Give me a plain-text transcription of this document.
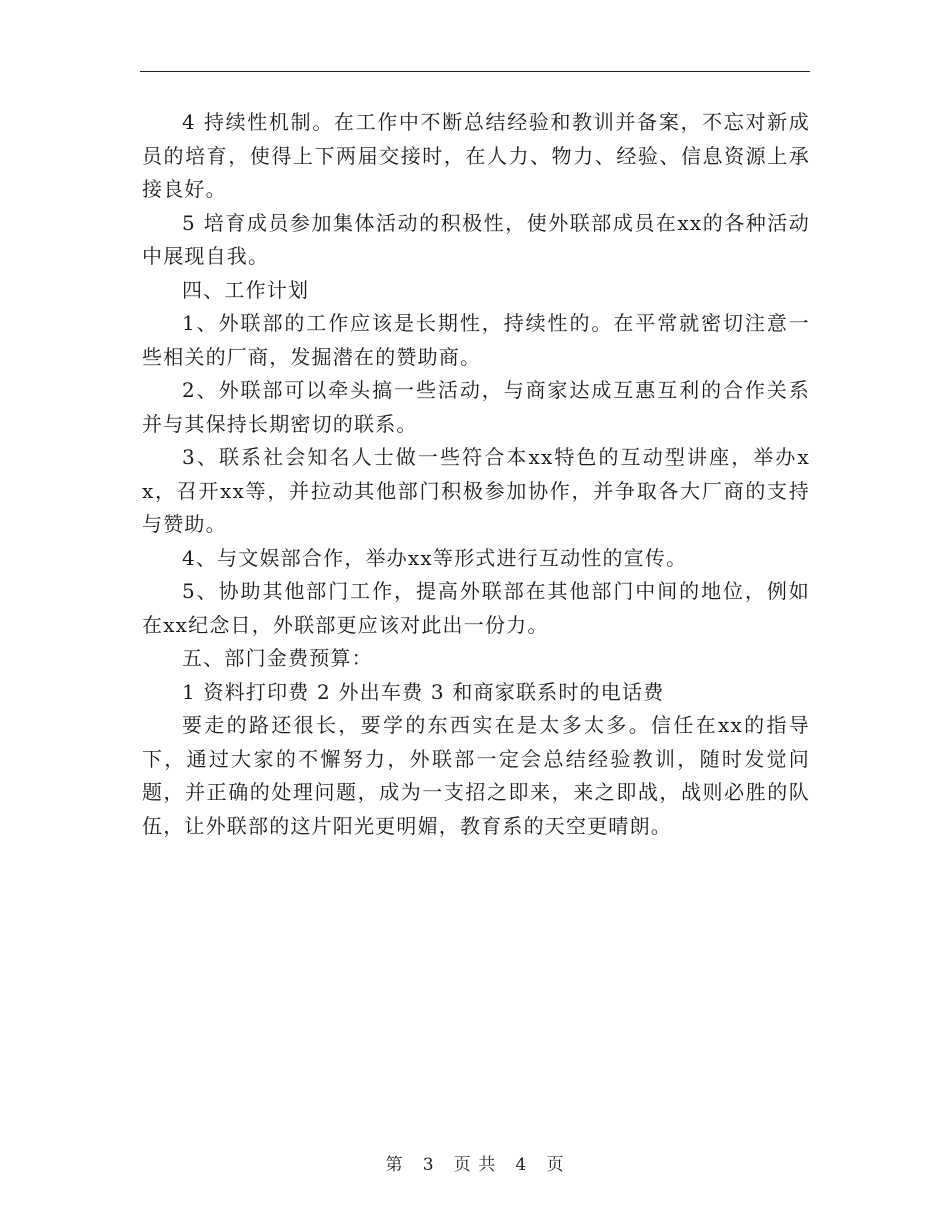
4 持续性机制。在工作中不断总结经验和教训并备案，不忘对新成员的培育，使得上下两届交接时，在人力、物力、经验、信息资源上承接良好。

5 培育成员参加集体活动的积极性，使外联部成员在xx的各种活动中展现自我。

四、工作计划

1、外联部的工作应该是长期性，持续性的。在平常就密切注意一些相关的厂商，发掘潜在的赞助商。

2、外联部可以牵头搞一些活动，与商家达成互惠互利的合作关系并与其保持长期密切的联系。

3、联系社会知名人士做一些符合本xx特色的互动型讲座，举办xx，召开xx等，并拉动其他部门积极参加协作，并争取各大厂商的支持与赞助。

4、与文娱部合作，举办xx等形式进行互动性的宣传。

5、协助其他部门工作，提高外联部在其他部门中间的地位，例如在xx纪念日，外联部更应该对此出一份力。

五、部门金费预算：

1 资料打印费 2 外出车费 3 和商家联系时的电话费

要走的路还很长，要学的东西实在是太多太多。信任在xx的指导下，通过大家的不懈努力，外联部一定会总结经验教训，随时发觉问题，并正确的处理问题，成为一支招之即来，来之即战，战则必胜的队伍，让外联部的这片阳光更明媚，教育系的天空更晴朗。

第 3 页 共 4 页
